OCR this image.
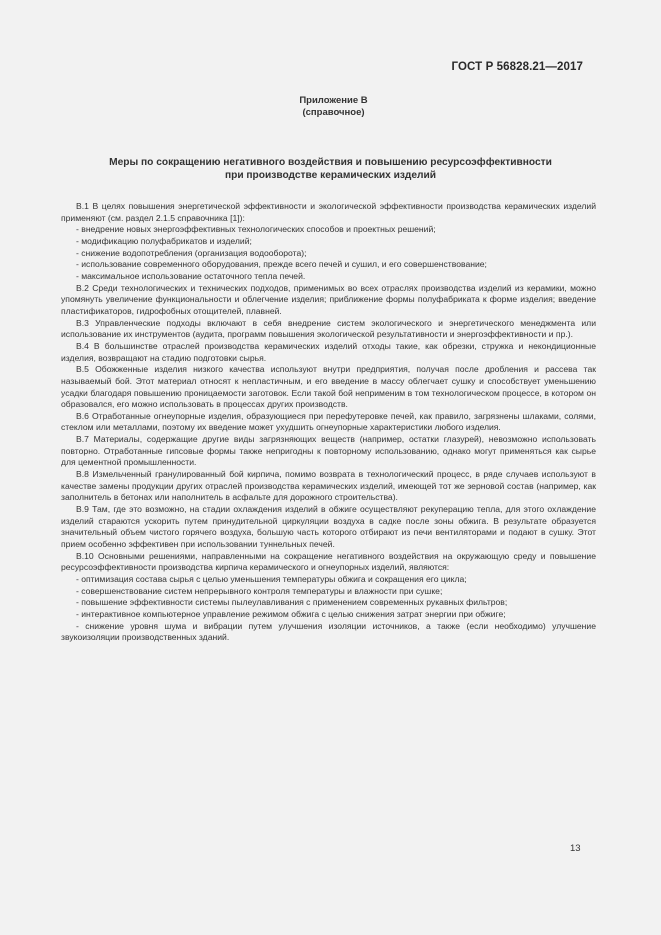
ГОСТ Р 56828.21—2017
Приложение В
(справочное)
Меры по сокращению негативного воздействия и повышению ресурсоэффективности
при производстве керамических изделий

В.1 В целях повышения энергетической эффективности и экологической эффективности производства керамических изделий применяют (см. раздел 2.1.5 справочника [1]):

- внедрение новых энергоэффективных технологических способов и проектных решений;

- модификацию полуфабрикатов и изделий;

- снижение водопотребления (организация водооборота);

- использование современного оборудования, прежде всего печей и сушил, и его совершенствование;

- максимальное использование остаточного тепла печей.

В.2 Среди технологических и технических подходов, применимых во всех отраслях производства изделий из керамики, можно упомянуть увеличение функциональности и облегчение изделия; приближение формы полуфабриката к форме изделия; введение пластификаторов, гидрофобных отощителей, плавней.

В.3 Управленческие подходы включают в себя внедрение систем экологического и энергетического менеджмента или использование их инструментов (аудита, программ повышения экологической результативности и энергоэффективности и пр.).

В.4 В большинстве отраслей производства керамических изделий отходы такие, как обрезки, стружка и некондиционные изделия, возвращают на стадию подготовки сырья.

В.5 Обожженные изделия низкого качества используют внутри предприятия, получая после дробления и рассева так называемый бой. Этот материал относят к непластичным, и его введение в массу облегчает сушку и способствует уменьшению усадки благодаря повышению проницаемости заготовок. Если такой бой неприменим в том технологическом процессе, в котором он образовался, его можно использовать в процессах других производств.

В.6 Отработанные огнеупорные изделия, образующиеся при перефутеровке печей, как правило, загрязнены шлаками, солями, стеклом или металлами, поэтому их введение может ухудшить огнеупорные характеристики любого изделия.

В.7 Материалы, содержащие другие виды загрязняющих веществ (например, остатки глазурей), невозможно использовать повторно. Отработанные гипсовые формы также непригодны к повторному использованию, однако могут применяться как сырье для цементной промышленности.

В.8 Измельченный гранулированный бой кирпича, помимо возврата в технологический процесс, в ряде случаев используют в качестве замены продукции других отраслей производства керамических изделий, имеющей тот же зерновой состав (например, как заполнитель в бетонах или наполнитель в асфальте для дорожного строительства).

В.9 Там, где это возможно, на стадии охлаждения изделий в обжиге осуществляют рекуперацию тепла, для этого охлаждение изделий стараются ускорить путем принудительной циркуляции воздуха в садке после зоны обжига. В результате образуется значительный объем чистого горячего воздуха, большую часть которого отбирают из печи вентиляторами и подают в сушку. Этот прием особенно эффективен при использовании туннельных печей.

В.10 Основными решениями, направленными на сокращение негативного воздействия на окружающую среду и повышение ресурсоэффективности производства кирпича керамического и огнеупорных изделий, являются:

- оптимизация состава сырья с целью уменьшения температуры обжига и сокращения его цикла;

- совершенствование систем непрерывного контроля температуры и влажности при сушке;

- повышение эффективности системы пылеулавливания с применением современных рукавных фильтров;

- интерактивное компьютерное управление режимом обжига с целью снижения затрат энергии при обжиге;

- снижение уровня шума и вибрации путем улучшения изоляции источников, а также (если необходимо) улучшение звукоизоляции производственных зданий.

13
